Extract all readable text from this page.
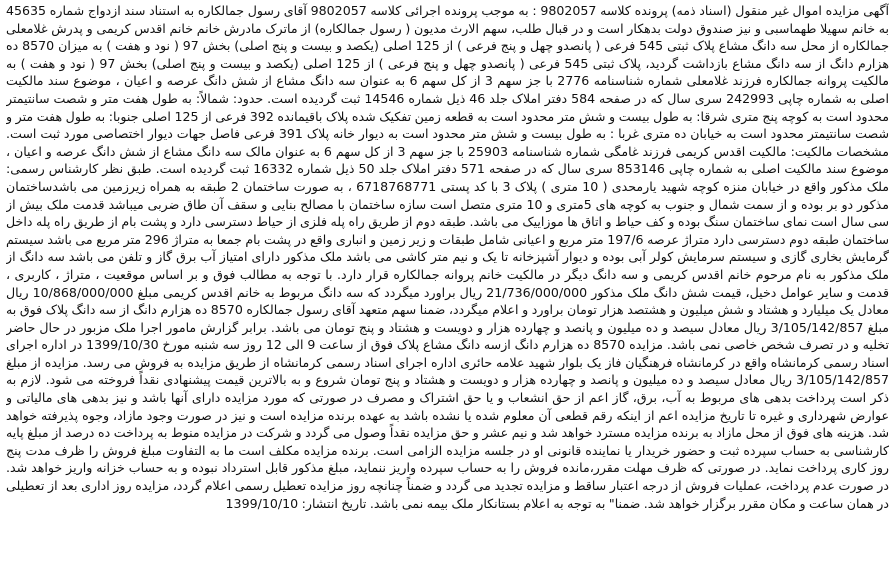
آگهی مزایده اموال غیر منقول (اسناد ذمه) پرونده کلاسه 9802057 : به موجب پرونده اجرائی کلاسه 9802057 آقای رسول جمالکاره به استناد سند ازدواج شماره 45635 به خانم سهیلا طهماسبی و نیز صندوق دولت بدهکار است و در قبال طلب، سهم الارث مدیون ( رسول جمالکاره) از ماترک مادرش خانم خانم اقدس کریمی و پدرش غلامعلی جمالکاره از محل سه دانگ مشاع پلاک ثبتی 545 فرعی ( پانصدو چهل و پنج فرعی ) از 125 اصلی (یکصد و بیست و پنج اصلی) بخش 97 ( نود و هفت ) به میزان 8570 ده هزارم دانگ از سه دانگ مشاع بازداشت گردید، پلاک ثبتی 545 فرعی ( پانصدو چهل و پنج فرعی ) از 125 اصلی (یکصد و بیست و پنج اصلی) بخش 97 ( نود و هفت ) به مالکیت پروانه جمالکاره فرزند غلامعلی شماره شناسنامه 2776 با جز سهم 3 از کل سهم 6 به عنوان سه دانگ مشاع از شش دانگ عرصه و اعیان ، موضوع سند مالکیت اصلی به شماره چاپی 242993 سری سال که در صفحه 584 دفتر املاک جلد 46 ذیل شماره 14546 ثبت گردیده است. حدود: شمالاً: به طول هفت متر و شصت سانتیمتر محدود است به کوچه پنج متری شرقا: به طول بیست و شش متر محدود است به قطعه زمین تفکیک شده پلاک باقیمانده 392 فرعی از 125 اصلی جنوبا: به طول هفت متر و شصت سانتیمتر محدود است به خیابان ده متری غربا : به طول بیست و شش متر محدود است به دیوار خانه پلاک 391 فرعی فاصل جهات دیوار اختصاصی مورد ثبت است. مشخصات مالکیت: مالکیت اقدس کریمی فرزند غامگی شماره شناسنامه 25903 با جز سهم 3 از کل سهم 6 به عنوان مالک سه دانگ مشاع از شش دانگ عرصه و اعیان ، موضوع سند مالکیت اصلی به شماره چاپی 853146 سری سال که در صفحه 571 دفتر املاک جلد 50 ذیل شماره 16332 ثبت گردیده است. طبق نظر کارشناس رسمی: ملک مذکور واقع در خیابان منزه کوچه شهید یارمحدی ( 10 متری ) پلاک 3 با کد پستی 6718768771 ، به صورت ساختمان 2 طبقه به همراه زیرزمین می باشدساختمان مذکور دو بر بوده و از سمت شمال و جنوب به کوچه های 5متری و 10 متری متصل است سازه ساختمان با مصالح بنایی و سقف آن طاق ضربی میباشد قدمت ملک بیش از سی سال است نمای ساختمان سنگ بوده و کف حیاط و اتاق ها موزاییک می باشد. طبقه دوم از طریق راه پله فلزی از حیاط دسترسی دارد و پشت بام از طریق راه پله داخل ساختمان طبقه دوم دسترسی دارد متراژ عرصه 197/6 متر مربع و اعیانی شامل طبقات و زیر زمین و انباری واقع در پشت بام جمعا به متراژ 296 متر مربع می باشد سیستم گرمایش بخاری گازی و سیستم سرمایش کولر آبی بوده و دیوار آشپزخانه تا یک و نیم متر کاشی می باشد ملک مذکور دارای امتیاز آب برق گاز و تلفن می باشد سه دانگ از ملک مذکور به نام مرحوم خانم اقدس کریمی و سه دانگ دیگر در مالکیت خانم پروانه جمالکاره قرار دارد. با توجه به مطالب فوق و بر اساس موقعیت ، متراژ ، کاربری ، قدمت و سایر عوامل دخیل، قیمت شش دانگ ملک مذکور 21/736/000/000 ریال براورد میگردد که سه دانگ مربوط به خانم اقدس کریمی مبلغ 10/868/000/000 ریال معادل یک میلیارد و هشتاد و شش میلیون و هشتصد هزار تومان براورد و اعلام میگردد، ضمنا سهم متعهد آقای رسول جمالکاره 8570 ده هزارم دانگ از سه دانگ پلاک فوق به مبلغ 3/105/142/857 ریال معادل سیصد و ده میلیون و پانصد و چهارده هزار و دویست و هشتاد و پنج تومان می باشد. برابر گزارش مامور اجرا ملک مزبور در حال حاضر تخلیه و در تصرف شخص خاصی نمی باشد. مزایده 8570 ده هزارم دانگ ازسه دانگ مشاع پلاک فوق از ساعت 9 الی 12 روز سه شنبه مورخ 1399/10/30 در اداره اجرای اسناد رسمی کرمانشاه واقع در کرمانشاه فرهنگیان فاز یک بلوار شهید علامه حائری اداره اجرای اسناد رسمی کرمانشاه از طریق مزایده به فروش می رسد. مزایده از مبلغ 3/105/142/857 ریال معادل سیصد و ده میلیون و پانصد و چهارده هزار و دویست و هشتاد و پنج تومان شروع و به بالاترین قیمت پیشنهادی نقداً فروخته می شود. لازم به ذکر است پرداخت بدهی های مربوط به آب، برق، گاز اعم از حق انشعاب و یا حق اشتراک و مصرف در صورتی که مورد مزایده دارای آنها باشد و نیز بدهی های مالیاتی و عوارض شهرداری و غیره تا تاریخ مزایده اعم از اینکه رقم قطعی آن معلوم شده یا نشده باشد به عهده برنده مزایده است و نیز در صورت وجود مازاد، وجوه پذیرفته خواهد شد. هزینه های فوق از محل مازاد به برنده مزایده مسترد خواهد شد و نیم عشر و حق مزایده نقداً وصول می گردد و شرکت در مزایده منوط به پرداخت ده درصد از مبلغ پایه کارشناسی به حساب سپرده ثبت و حضور خریدار یا نماینده قانونی او در جلسه مزایده الزامی است. برنده مزایده مکلف است ما به التفاوت مبلغ فروش را ظرف مدت پنج روز کاری پرداخت نماید. در صورتی که ظرف مهلت مقرر،مانده فروش را به حساب سپرده واریز ننماید، مبلغ مذکور قابل استرداد نبوده و به حساب خزانه واریز خواهد شد. در صورت عدم پرداخت، عملیات فروش از درجه اعتبار ساقط و مزایده تجدید می گردد و ضمناً چنانچه روز مزایده تعطیل رسمی اعلام گردد، مزایده روز اداری بعد از تعطیلی در همان ساعت و مکان مقرر برگزار خواهد شد. ضمنا" به توجه به اعلام بستانکار ملک بیمه نمی باشد. تاریخ انتشار: 1399/10/10
